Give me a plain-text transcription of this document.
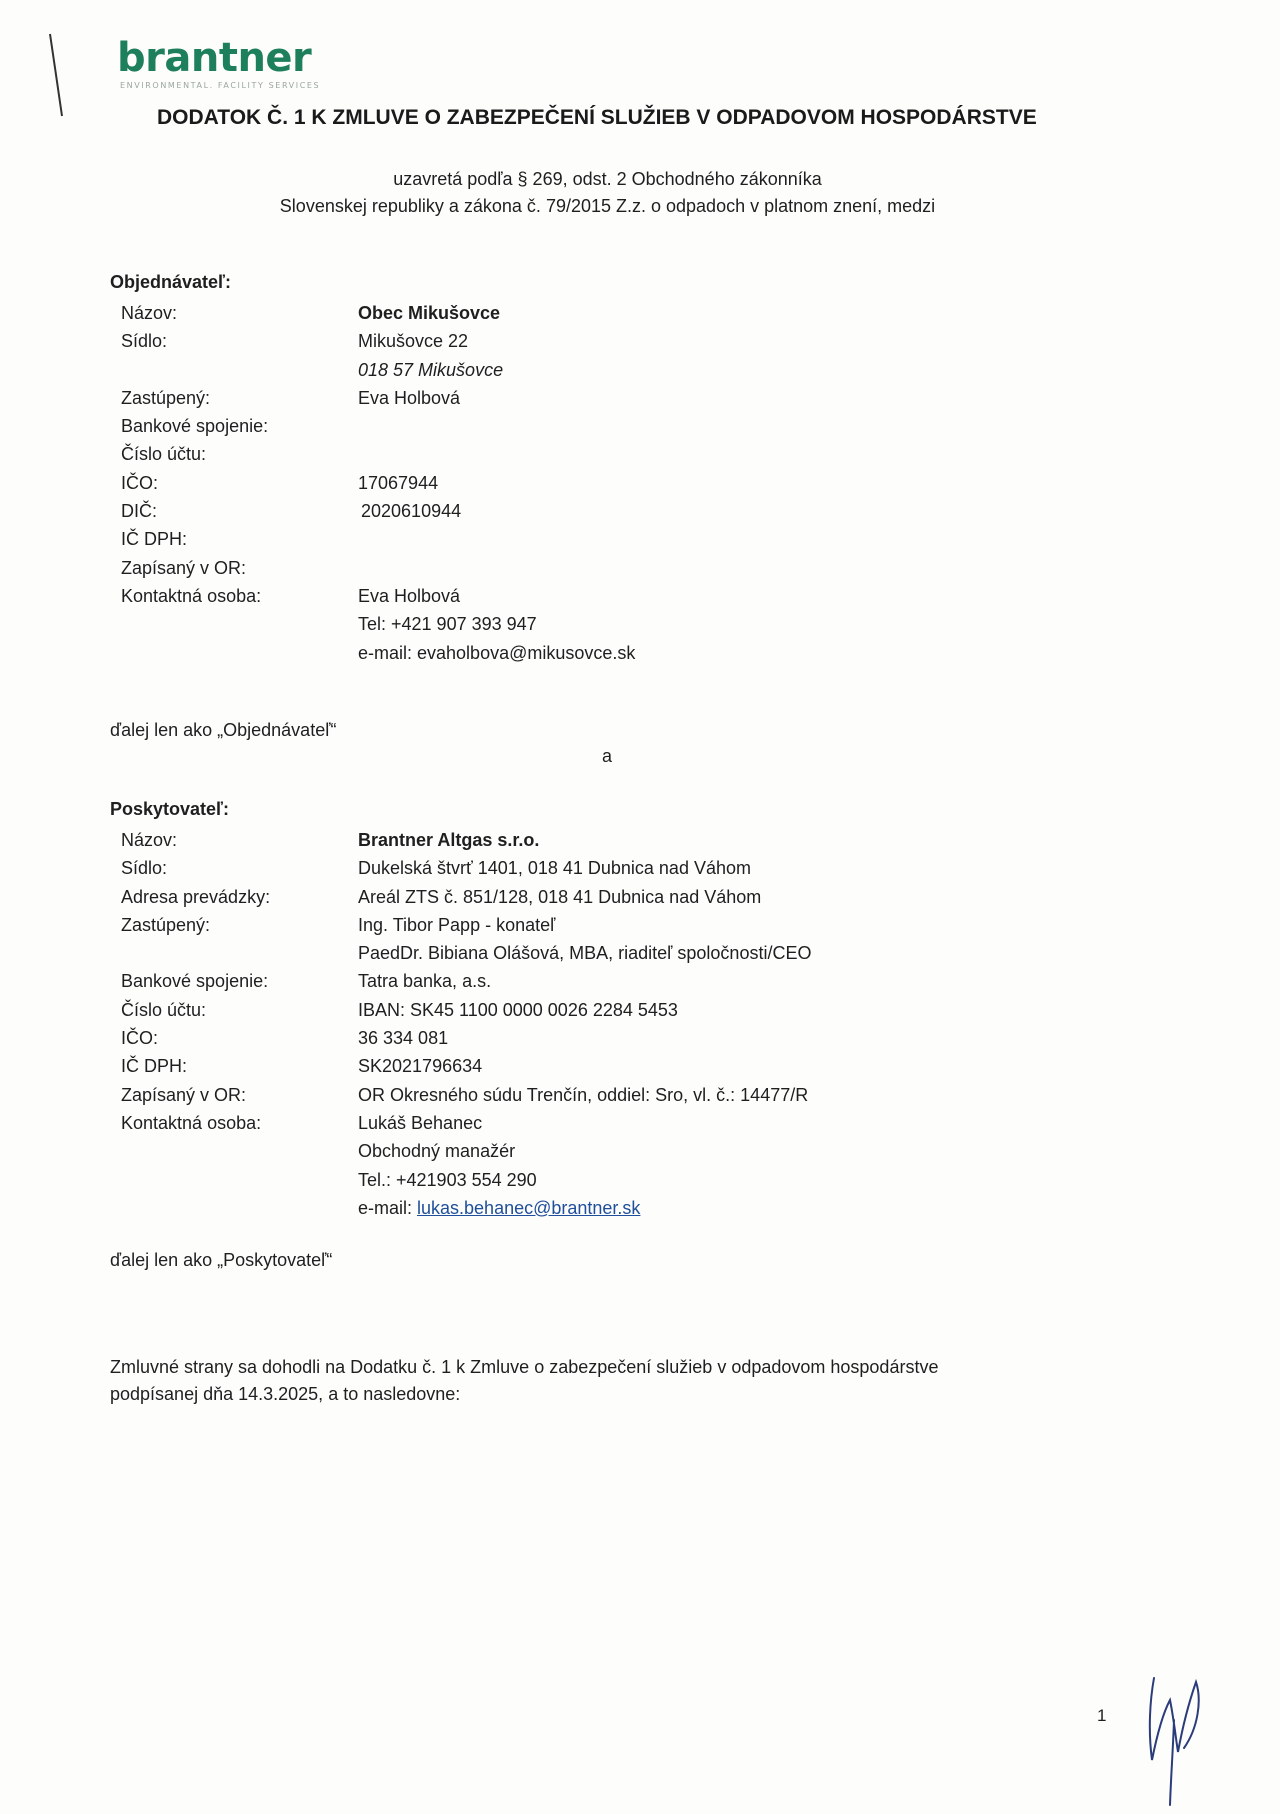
brantner
ENVIRONMENTAL. FACILITY SERVICES
DODATOK Č. 1 K ZMLUVE O ZABEZPEČENÍ SLUŽIEB V ODPADOVOM HOSPODÁRSTVE
uzavretá podľa § 269, odst. 2 Obchodného zákonníka
Slovenskej republiky a zákona č. 79/2015 Z.z. o odpadoch v platnom znení, medzi
Objednávateľ:
Názov:	Obec Mikušovce
Sídlo:	Mikušovce 22
018 57 Mikušovce
Zastúpený:	Eva Holbová
Bankové spojenie:
Číslo účtu:
IČO:	17067944
DIČ:	2020610944
IČ DPH:
Zapísaný v OR:
Kontaktná osoba:	Eva Holbová
Tel: +421 907 393 947
e-mail: evaholbova@mikusovce.sk
ďalej len ako „Objednávateľ“
a
Poskytovateľ:
Názov:	Brantner Altgas s.r.o.
Sídlo:	Dukelská štvrť 1401, 018 41 Dubnica nad Váhom
Adresa prevádzky:	Areál ZTS č. 851/128, 018 41 Dubnica nad Váhom
Zastúpený:	Ing. Tibor Papp - konateľ
PaedDr. Bibiana Olášová, MBA, riaditeľ spoločnosti/CEO
Bankové spojenie:	Tatra banka, a.s.
Číslo účtu:	IBAN: SK45 1100 0000 0026 2284 5453
IČO:	36 334 081
IČ DPH:	SK2021796634
Zapísaný v OR:	OR Okresného súdu Trenčín, oddiel: Sro, vl. č.: 14477/R
Kontaktná osoba:	Lukáš Behanec
Obchodný manažér
Tel.: +421903 554 290
e-mail: lukas.behanec@brantner.sk
ďalej len ako „Poskytovateľ“
Zmluvné strany sa dohodli na Dodatku č. 1 k Zmluve o zabezpečení služieb v odpadovom hospodárstve
podpísanej dňa 14.3.2025, a to nasledovne:
1
